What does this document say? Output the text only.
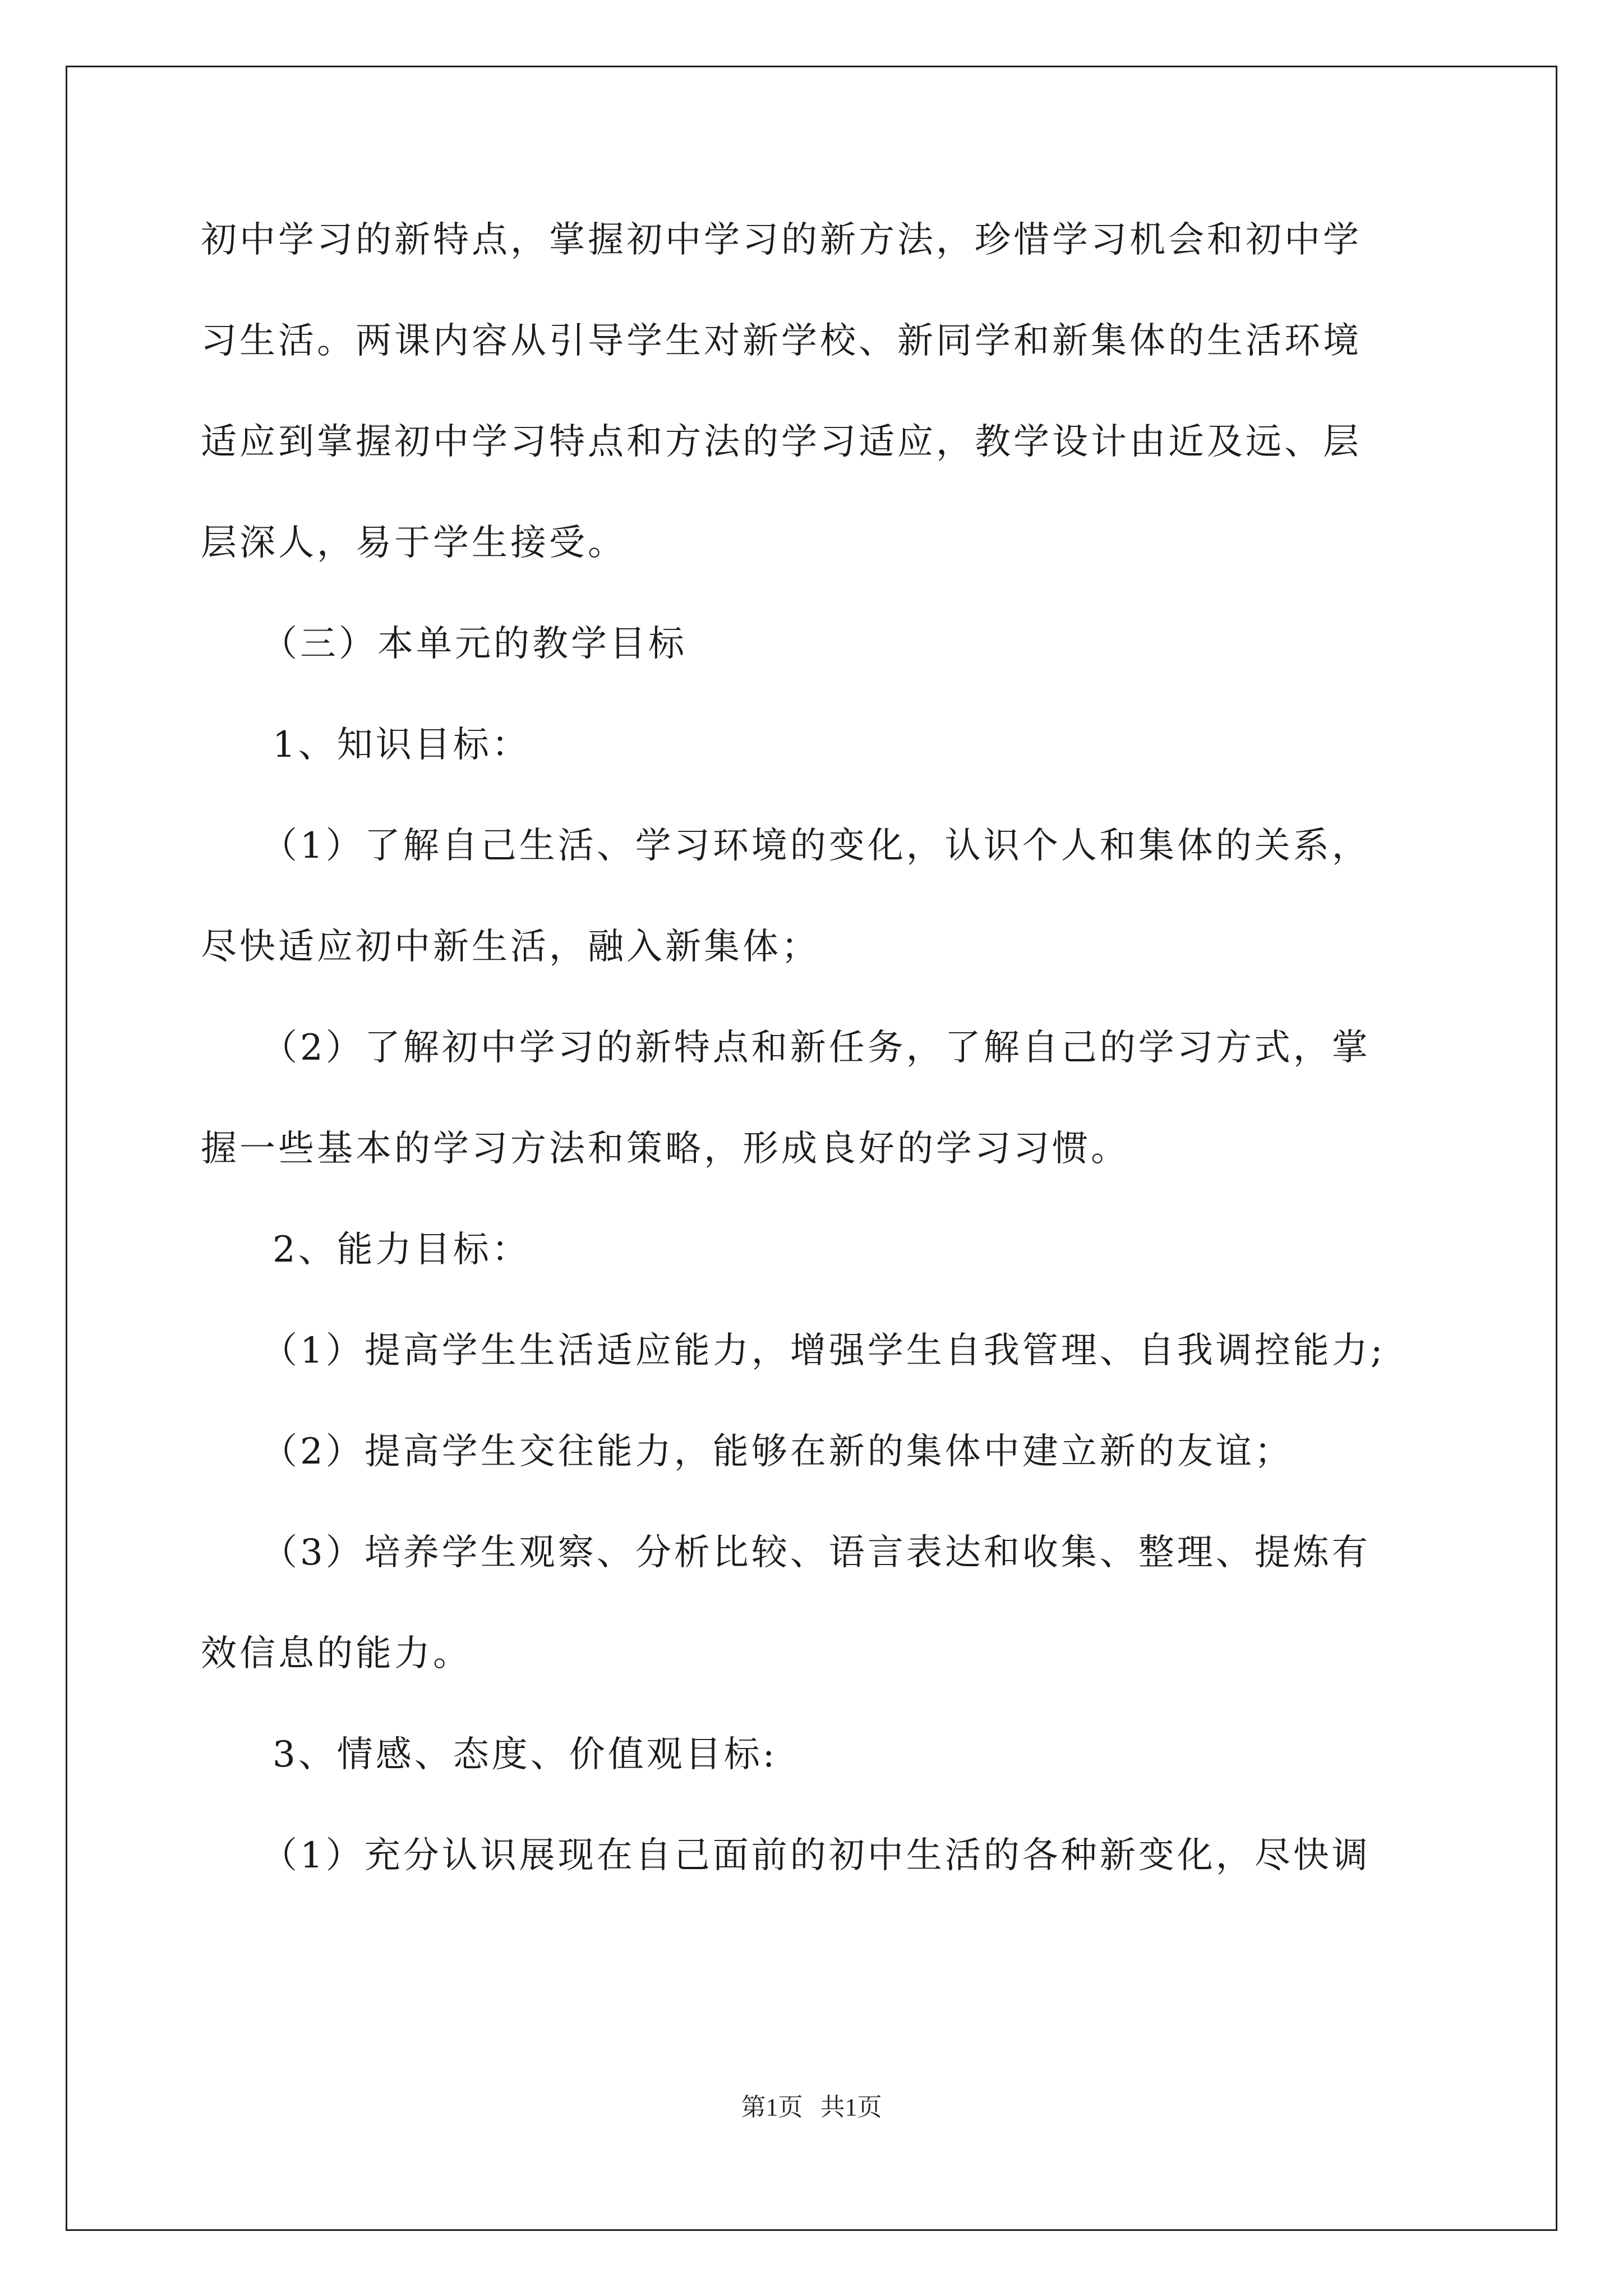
初中学习的新特点，掌握初中学习的新方法，珍惜学习机会和初中学
习生活。两课内容从引导学生对新学校、新同学和新集体的生活环境
适应到掌握初中学习特点和方法的学习适应，教学设计由近及远、层
层深人，易于学生接受。
（三）本单元的教学目标
1、知识目标：
（1）了解自己生活、学习环境的变化，认识个人和集体的关系，
尽快适应初中新生活，融入新集体；
（2）了解初中学习的新特点和新任务，了解自己的学习方式，掌
握一些基本的学习方法和策略，形成良好的学习习惯。
2、能力目标：
（1）提高学生生活适应能力，增强学生自我管理、自我调控能力;
（2）提高学生交往能力，能够在新的集体中建立新的友谊；
（3）培养学生观察、分析比较、语言表达和收集、整理、提炼有
效信息的能力。
3、情感、态度、价值观目标:
（1）充分认识展现在自己面前的初中生活的各种新变化，尽快调
第1页 共1页
